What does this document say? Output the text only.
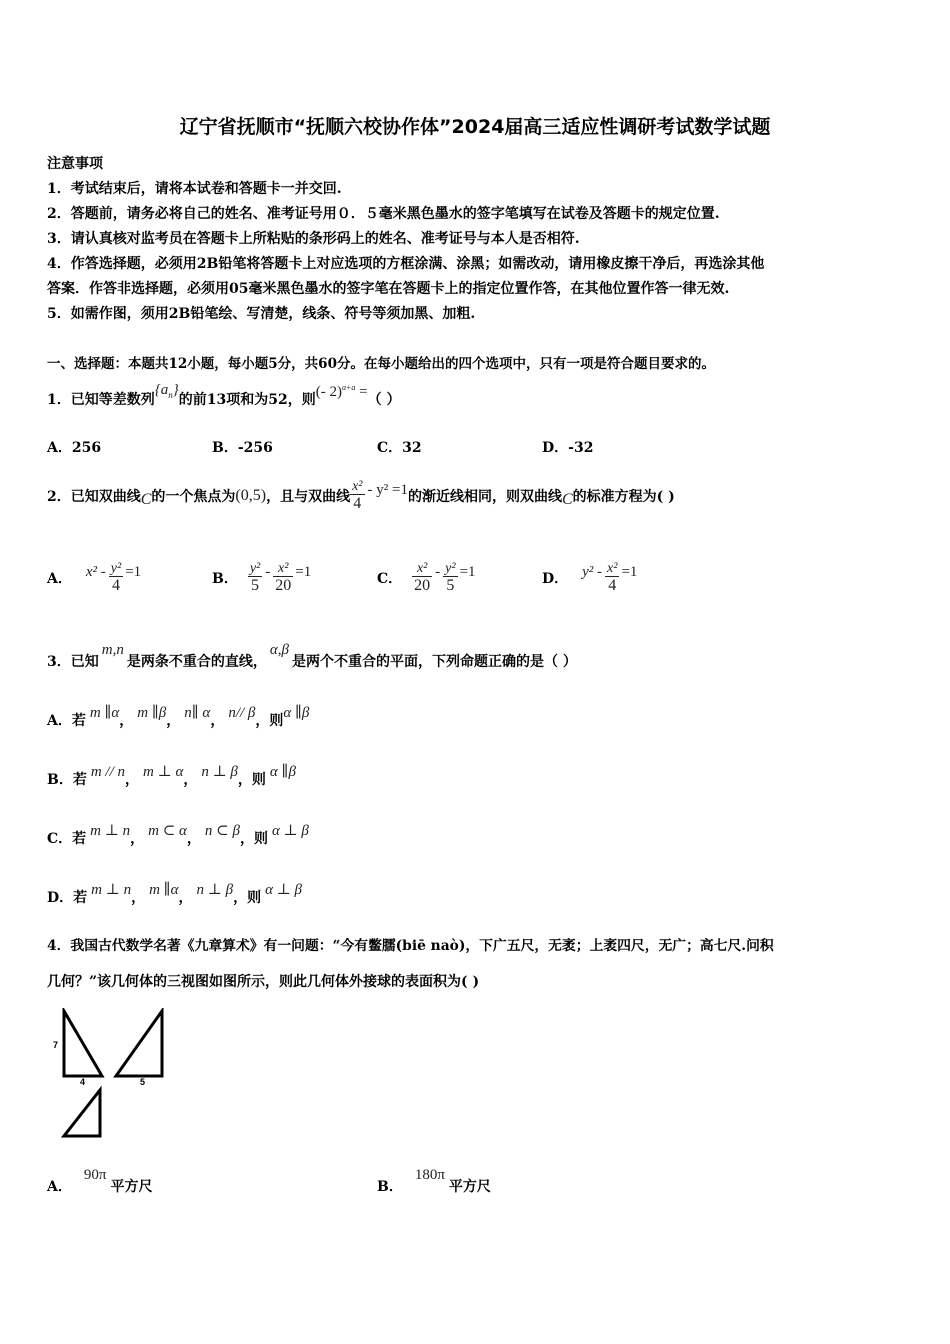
辽宁省抚顺市“抚顺六校协作体”2024届高三适应性调研考试数学试题
注意事项
1．考试结束后，请将本试卷和答题卡一并交回.
2．答题前，请务必将自己的姓名、准考证号用０．５毫米黑色墨水的签字笔填写在试卷及答题卡的规定位置.
3．请认真核对监考员在答题卡上所粘贴的条形码上的姓名、准考证号与本人是否相符.
4．作答选择题，必须用2B铅笔将答题卡上对应选项的方框涂满、涂黑；如需改动，请用橡皮擦干净后，再选涂其他
答案．作答非选择题，必须用05毫米黑色墨水的签字笔在答题卡上的指定位置作答，在其他位置作答一律无效.
5．如需作图，须用2B铅笔绘、写清楚，线条、符号等须加黑、加粗.
一、选择题：本题共12小题，每小题5分，共60分。在每小题给出的四个选项中，只有一项是符合题目要求的。
1．已知等差数列$\{a_n\}$的前13项和为52，则(- 2)$^{a+a}$ =（ ）
A．256	B．-256	C．32	D．-32
2．已知双曲线 C 的一个焦点为 (0,5) ，且与双曲线 $\frac{\text{x²}}{4} - y^2 =1$ 的渐近线相同，则双曲线 C 的标准方程为( )
A． $x^2 - \frac{\text{y²}}{4} =1$	B． $\frac{\text{y²}}{5} - \frac{\text{x²}}{20} =1$	C． $\frac{\text{x²}}{20} - \frac{\text{y²}}{5} =1$	D． $y^2 - \frac{\text{x²}}{4} =1$
3．已知m,n是两条不重合的直线，α,β是两个不重合的平面，下列命题正确的是（ ）
A．若 m ∥α， m ∥β， n∥ α， n// β，则α ∥β
B．若 m // n， m ⊥ α， n ⊥ β，则 α ∥β
C．若 m ⊥ n， m ⊂ α， n ⊂ β，则 α ⊥ β
D．若 m ⊥ n， m ∥α， n ⊥ β，则 α ⊥ β
4．我国古代数学名著《九章算术》有一问题：“今有鳖臑(biē naò)，下广五尺，无袤；上袤四尺，无广；高七尺.问积
几何？”该几何体的三视图如图所示，则此几何体外接球的表面积为( )
7
4	5
A．90π平方尺	B．180π平方尺
